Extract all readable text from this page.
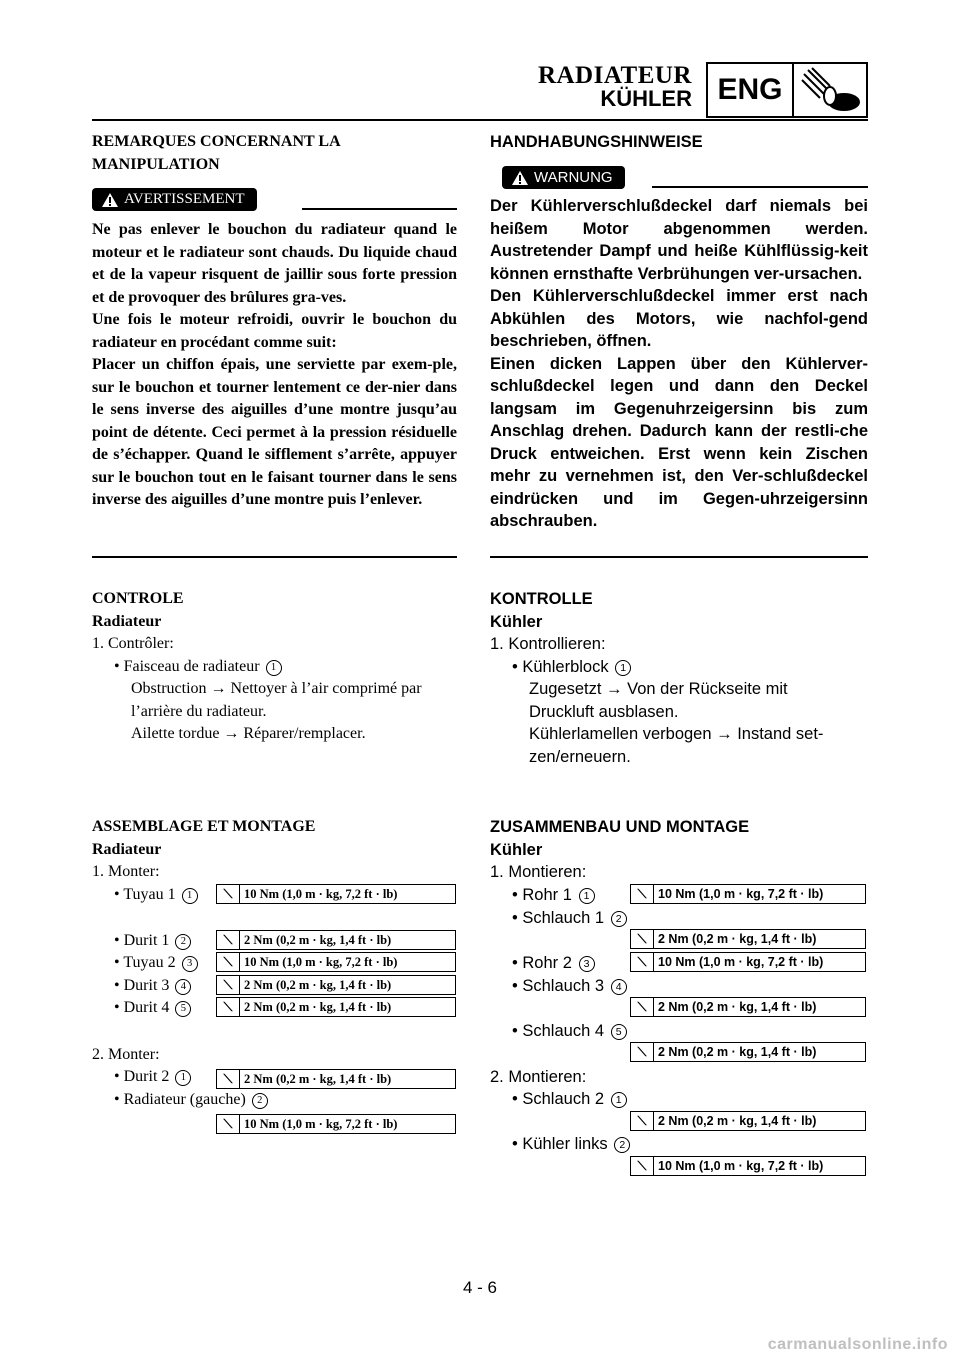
RADIATEUR
KÜHLER ENG
REMARQUES CONCERNANT LA
MANIPULATION
AVERTISSEMENT
Ne pas enlever le bouchon du radiateur quand le moteur et le radiateur sont chauds. Du liquide chaud et de la vapeur risquent de jaillir sous forte pression et de provoquer des brûlures gra-ves.
Une fois le moteur refroidi, ouvrir le bouchon du radiateur en procédant comme suit:
Placer un chiffon épais, une serviette par exem-ple, sur le bouchon et tourner lentement ce der-nier dans le sens inverse des aiguilles d’une montre jusqu’au point de détente. Ceci permet à la pression résiduelle de s’échapper. Quand le sifflement s’arrête, appuyer sur le bouchon tout en le faisant tourner dans le sens inverse des aiguilles d’une montre puis l’enlever.
CONTROLE
Radiateur
1. Contrôler:
• Faisceau de radiateur 1
Obstruction → Nettoyer à l’air comprimé par
l’arrière du radiateur.
Ailette tordue → Réparer/remplacer.
ASSEMBLAGE ET MONTAGE
Radiateur
1. Monter:
• Tuyau 1 1
• Durit 1 2
• Tuyau 2 3
• Durit 3 4
• Durit 4 5
2. Monter:
• Durit 2 1
• Radiateur (gauche) 2
⟍ 10 Nm (1,0 m · kg, 7,2 ft · lb)
⟍ 2 Nm (0,2 m · kg, 1,4 ft · lb)
⟍ 10 Nm (1,0 m · kg, 7,2 ft · lb)
⟍ 2 Nm (0,2 m · kg, 1,4 ft · lb)
⟍ 2 Nm (0,2 m · kg, 1,4 ft · lb)
⟍ 2 Nm (0,2 m · kg, 1,4 ft · lb)
⟍ 10 Nm (1,0 m · kg, 7,2 ft · lb)
HANDHABUNGSHINWEISE
WARNUNG
Der Kühlerverschlußdeckel darf niemals bei heißem Motor abgenommen werden. Austretender Dampf und heiße Kühlflüssig-keit können ernsthafte Verbrühungen ver-ursachen.
Den Kühlerverschlußdeckel immer erst nach Abkühlen des Motors, wie nachfol-gend beschrieben, öffnen.
Einen dicken Lappen über den Kühlerver-schlußdeckel legen und dann den Deckel langsam im Gegenuhrzeigersinn bis zum Anschlag drehen. Dadurch kann der restli-che Druck entweichen. Erst wenn kein Zischen mehr zu vernehmen ist, den Ver-schlußdeckel eindrücken und im Gegen-uhrzeigersinn abschrauben.
KONTROLLE
Kühler
1. Kontrollieren:
• Kühlerblock 1
Zugesetzt → Von der Rückseite mit
Druckluft ausblasen.
Kühlerlamellen verbogen → Instand set-
zen/erneuern.
ZUSAMMENBAU UND MONTAGE
Kühler
1. Montieren:
• Rohr 1 1
• Schlauch 1 2
• Rohr 2 3
• Schlauch 3 4
• Schlauch 4 5
2. Montieren:
• Schlauch 2 1
• Kühler links 2
⟍ 10 Nm (1,0 m · kg, 7,2 ft · lb)
⟍ 2 Nm (0,2 m · kg, 1,4 ft · lb)
⟍ 10 Nm (1,0 m · kg, 7,2 ft · lb)
⟍ 2 Nm (0,2 m · kg, 1,4 ft · lb)
⟍ 2 Nm (0,2 m · kg, 1,4 ft · lb)
⟍ 2 Nm (0,2 m · kg, 1,4 ft · lb)
⟍ 10 Nm (1,0 m · kg, 7,2 ft · lb)
4 - 6
carmanualsonline.info
